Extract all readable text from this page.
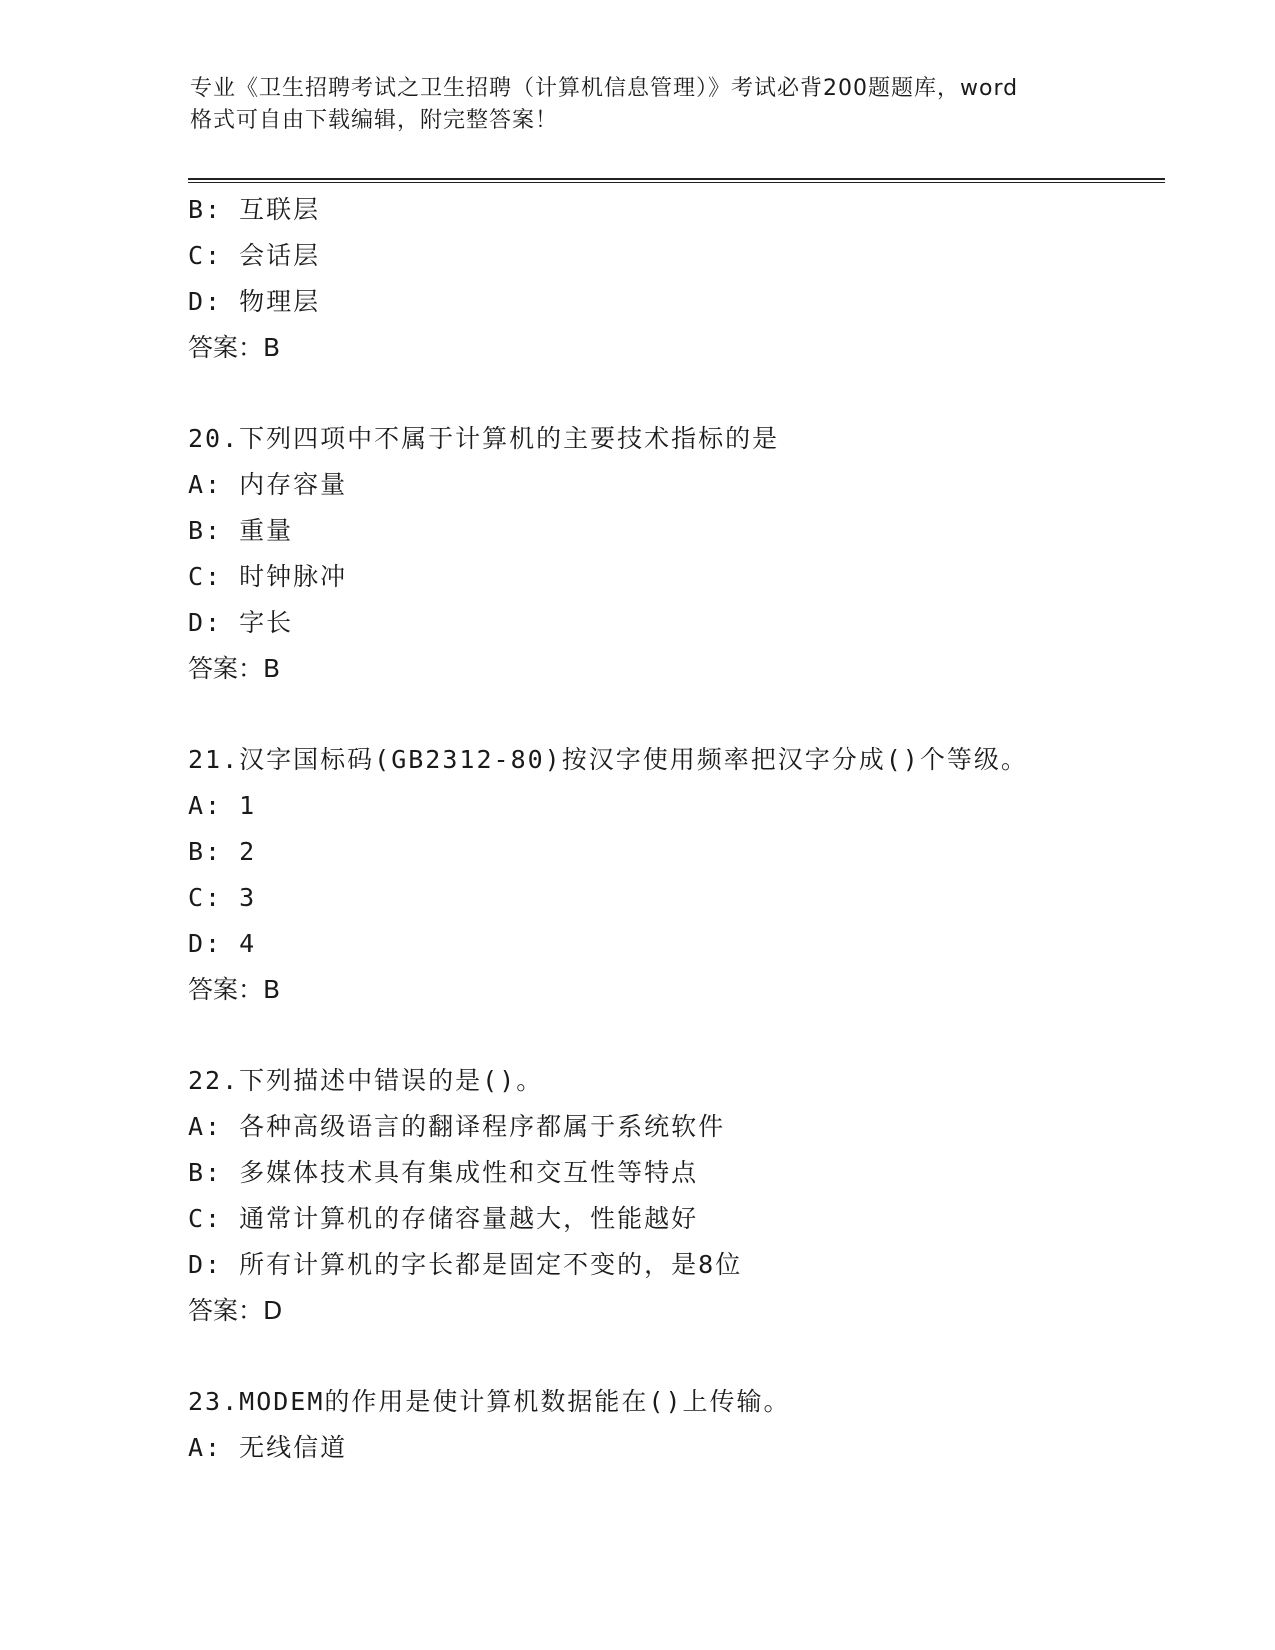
专业《卫生招聘考试之卫生招聘（计算机信息管理）》考试必背200题题库，word
格式可自由下载编辑，附完整答案！
B: 互联层
C: 会话层
D: 物理层
答案：B
20.下列四项中不属于计算机的主要技术指标的是
A: 内存容量
B: 重量
C: 时钟脉冲
D: 字长
答案：B
21.汉字国标码(GB2312-80)按汉字使用频率把汉字分成()个等级。
A: 1
B: 2
C: 3
D: 4
答案：B
22.下列描述中错误的是()。
A: 各种高级语言的翻译程序都属于系统软件
B: 多媒体技术具有集成性和交互性等特点
C: 通常计算机的存储容量越大，性能越好
D: 所有计算机的字长都是固定不变的，是8位
答案：D
23.MODEM的作用是使计算机数据能在()上传输。
A: 无线信道
